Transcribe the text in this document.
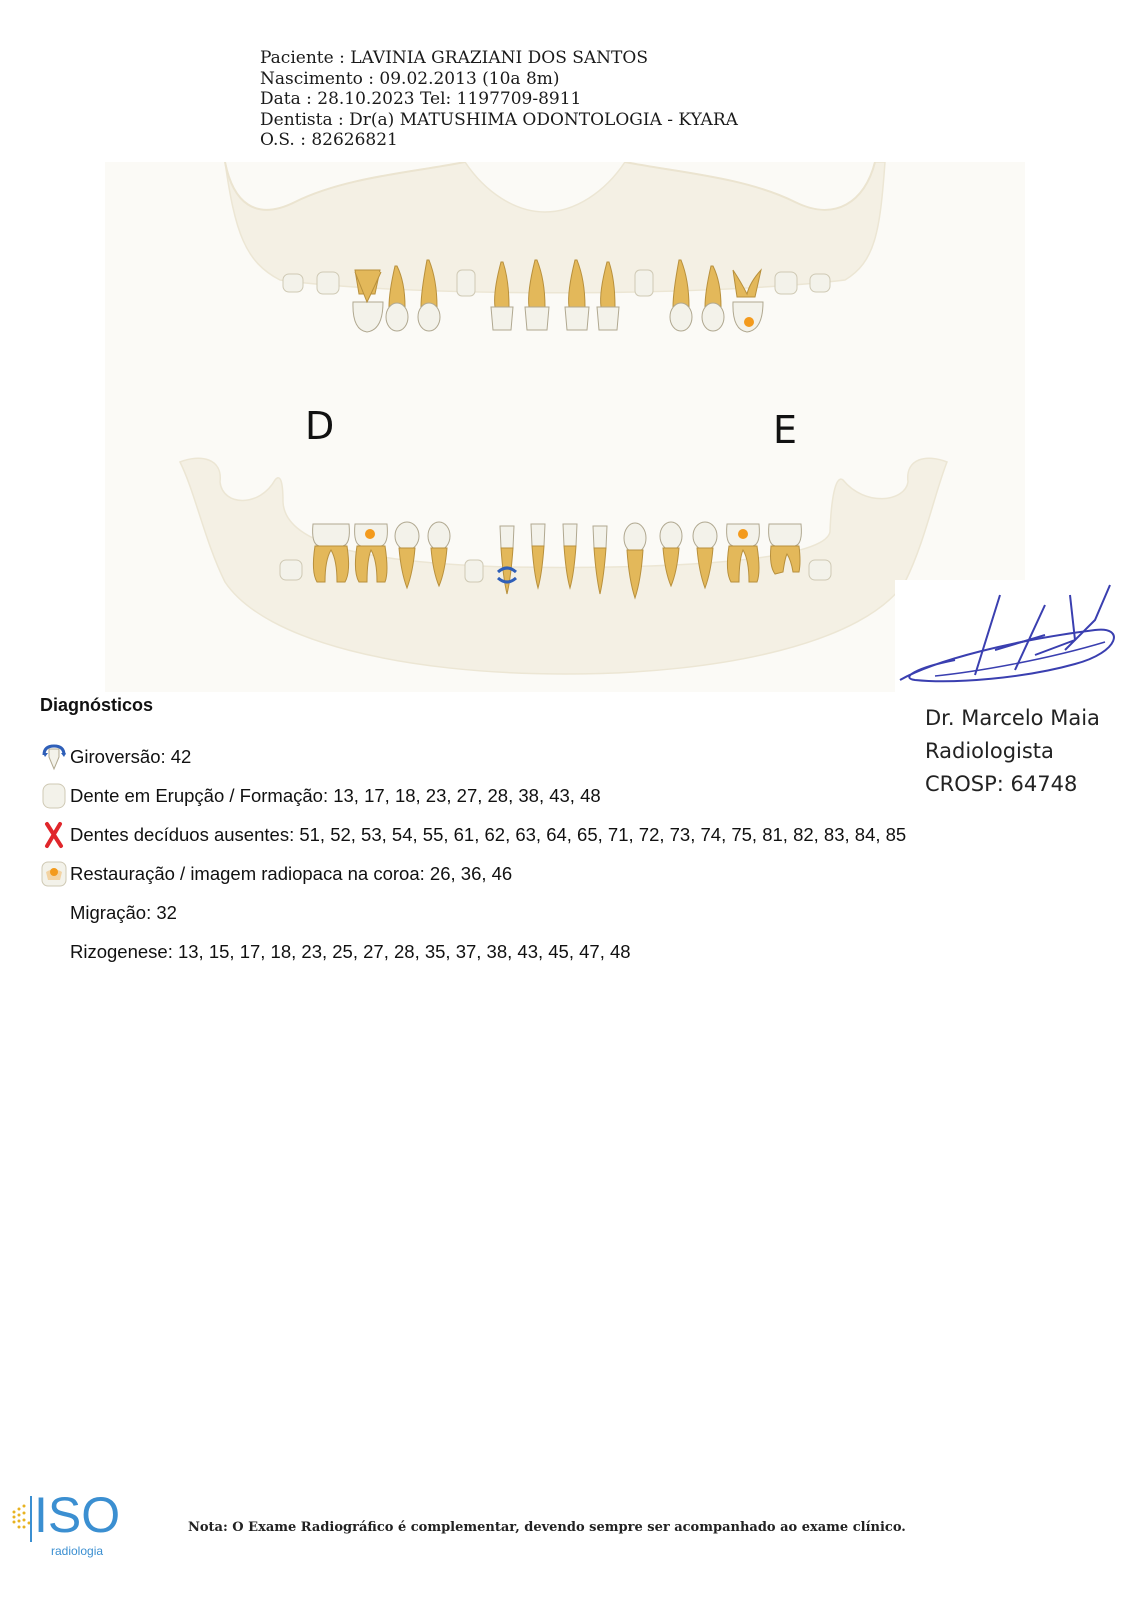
Paciente : LAVINIA GRAZIANI DOS SANTOS
Nascimento : 09.02.2013 (10a 8m)
Data : 28.10.2023 Tel: 1197709-8911
Dentista : Dr(a) MATUSHIMA ODONTOLOGIA - KYARA
O.S. : 82626821
D	E
Dr. Marcelo Maia
Radiologista
CROSP: 64748
Diagnósticos
Giroversão: 42
Dente em Erupção / Formação: 13, 17, 18, 23, 27, 28, 38, 43, 48
Dentes decíduos ausentes: 51, 52, 53, 54, 55, 61, 62, 63, 64, 65, 71, 72, 73, 74, 75, 81, 82, 83, 84, 85
Restauração / imagem radiopaca na coroa: 26, 36, 46
Migração: 32
Rizogenese: 13, 15, 17, 18, 23, 25, 27, 28, 35, 37, 38, 43, 45, 47, 48
ISO
radiologia
Nota: O Exame Radiográfico é complementar, devendo sempre ser acompanhado ao exame clínico.
